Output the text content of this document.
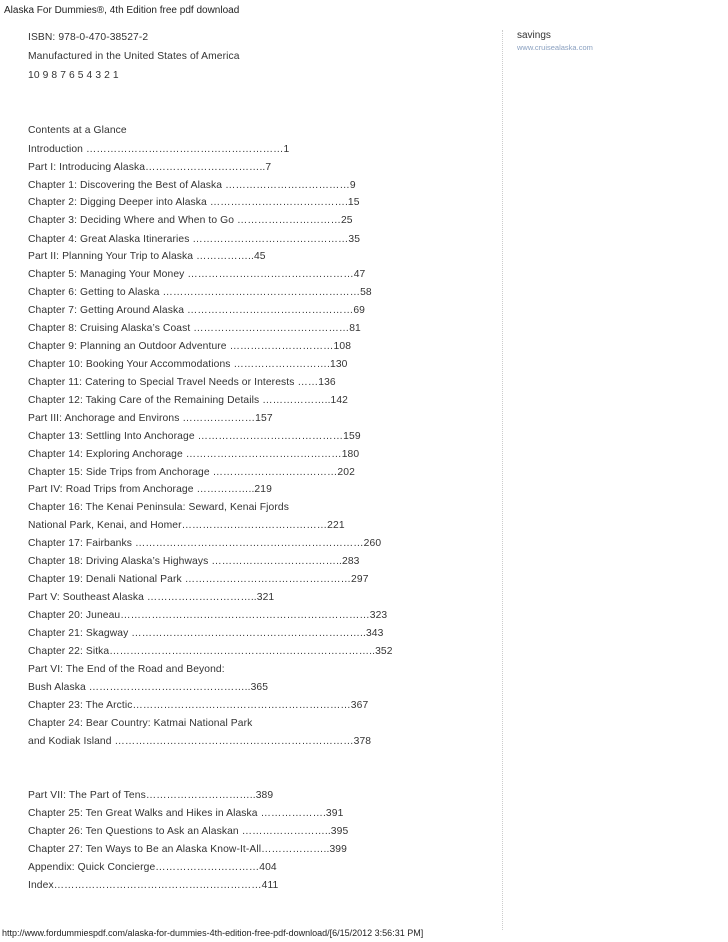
Alaska For Dummies®, 4th Edition free pdf download
ISBN: 978-0-470-38527-2
Manufactured in the United States of America
10 9 8 7 6 5 4 3 2 1
Contents at a Glance
Introduction …………………………………………………1
Part I: Introducing Alaska……………………………..7
Chapter 1: Discovering the Best of Alaska ………………………………9
Chapter 2: Digging Deeper into Alaska ………………………………….15
Chapter 3: Deciding Where and When to Go …………………………25
Chapter 4: Great Alaska Itineraries ………………………………………35
Part II: Planning Your Trip to Alaska ……………..45
Chapter 5: Managing Your Money …………………………………………47
Chapter 6: Getting to Alaska …………………………………………………58
Chapter 7: Getting Around Alaska …………………………………………69
Chapter 8: Cruising Alaska’s Coast ………………………………………81
Chapter 9: Planning an Outdoor Adventure …………………………108
Chapter 10: Booking Your Accommodations ……………………….130
Chapter 11: Catering to Special Travel Needs or Interests ……136
Chapter 12: Taking Care of the Remaining Details ………………..142
Part III: Anchorage and Environs …………………157
Chapter 13: Settling Into Anchorage ……………………………………159
Chapter 14: Exploring Anchorage ………………………………………180
Chapter 15: Side Trips from Anchorage ………………………………202
Part IV: Road Trips from Anchorage ……………..219
Chapter 16: The Kenai Peninsula: Seward, Kenai Fjords
National Park, Kenai, and Homer……………………………………221
Chapter 17: Fairbanks …………………………………………………………260
Chapter 18: Driving Alaska’s Highways ………………………………..283
Chapter 19: Denali National Park …………………………………………297
Part V: Southeast Alaska …………………………..321
Chapter 20: Juneau………………………………………………………………323
Chapter 21: Skagway …………………………………………………………..343
Chapter 22: Sitka…………………………………………………………………..352
Part VI: The End of the Road and Beyond:
Bush Alaska ………………………………………..365
Chapter 23: The Arctic………………………………………………………367
Chapter 24: Bear Country: Katmai National Park
and Kodiak Island ……………………………………………………………378
Part VII: The Part of Tens…………………………..389
Chapter 25: Ten Great Walks and Hikes in Alaska ……………….391
Chapter 26: Ten Questions to Ask an Alaskan ……………………..395
Chapter 27: Ten Ways to Be an Alaska Know-It-All………………..399
Appendix: Quick Concierge…………………………404
Index……………………………………………………411
savings
www.cruisealaska.com
http://www.fordummiespdf.com/alaska-for-dummies-4th-edition-free-pdf-download/[6/15/2012 3:56:31 PM]
